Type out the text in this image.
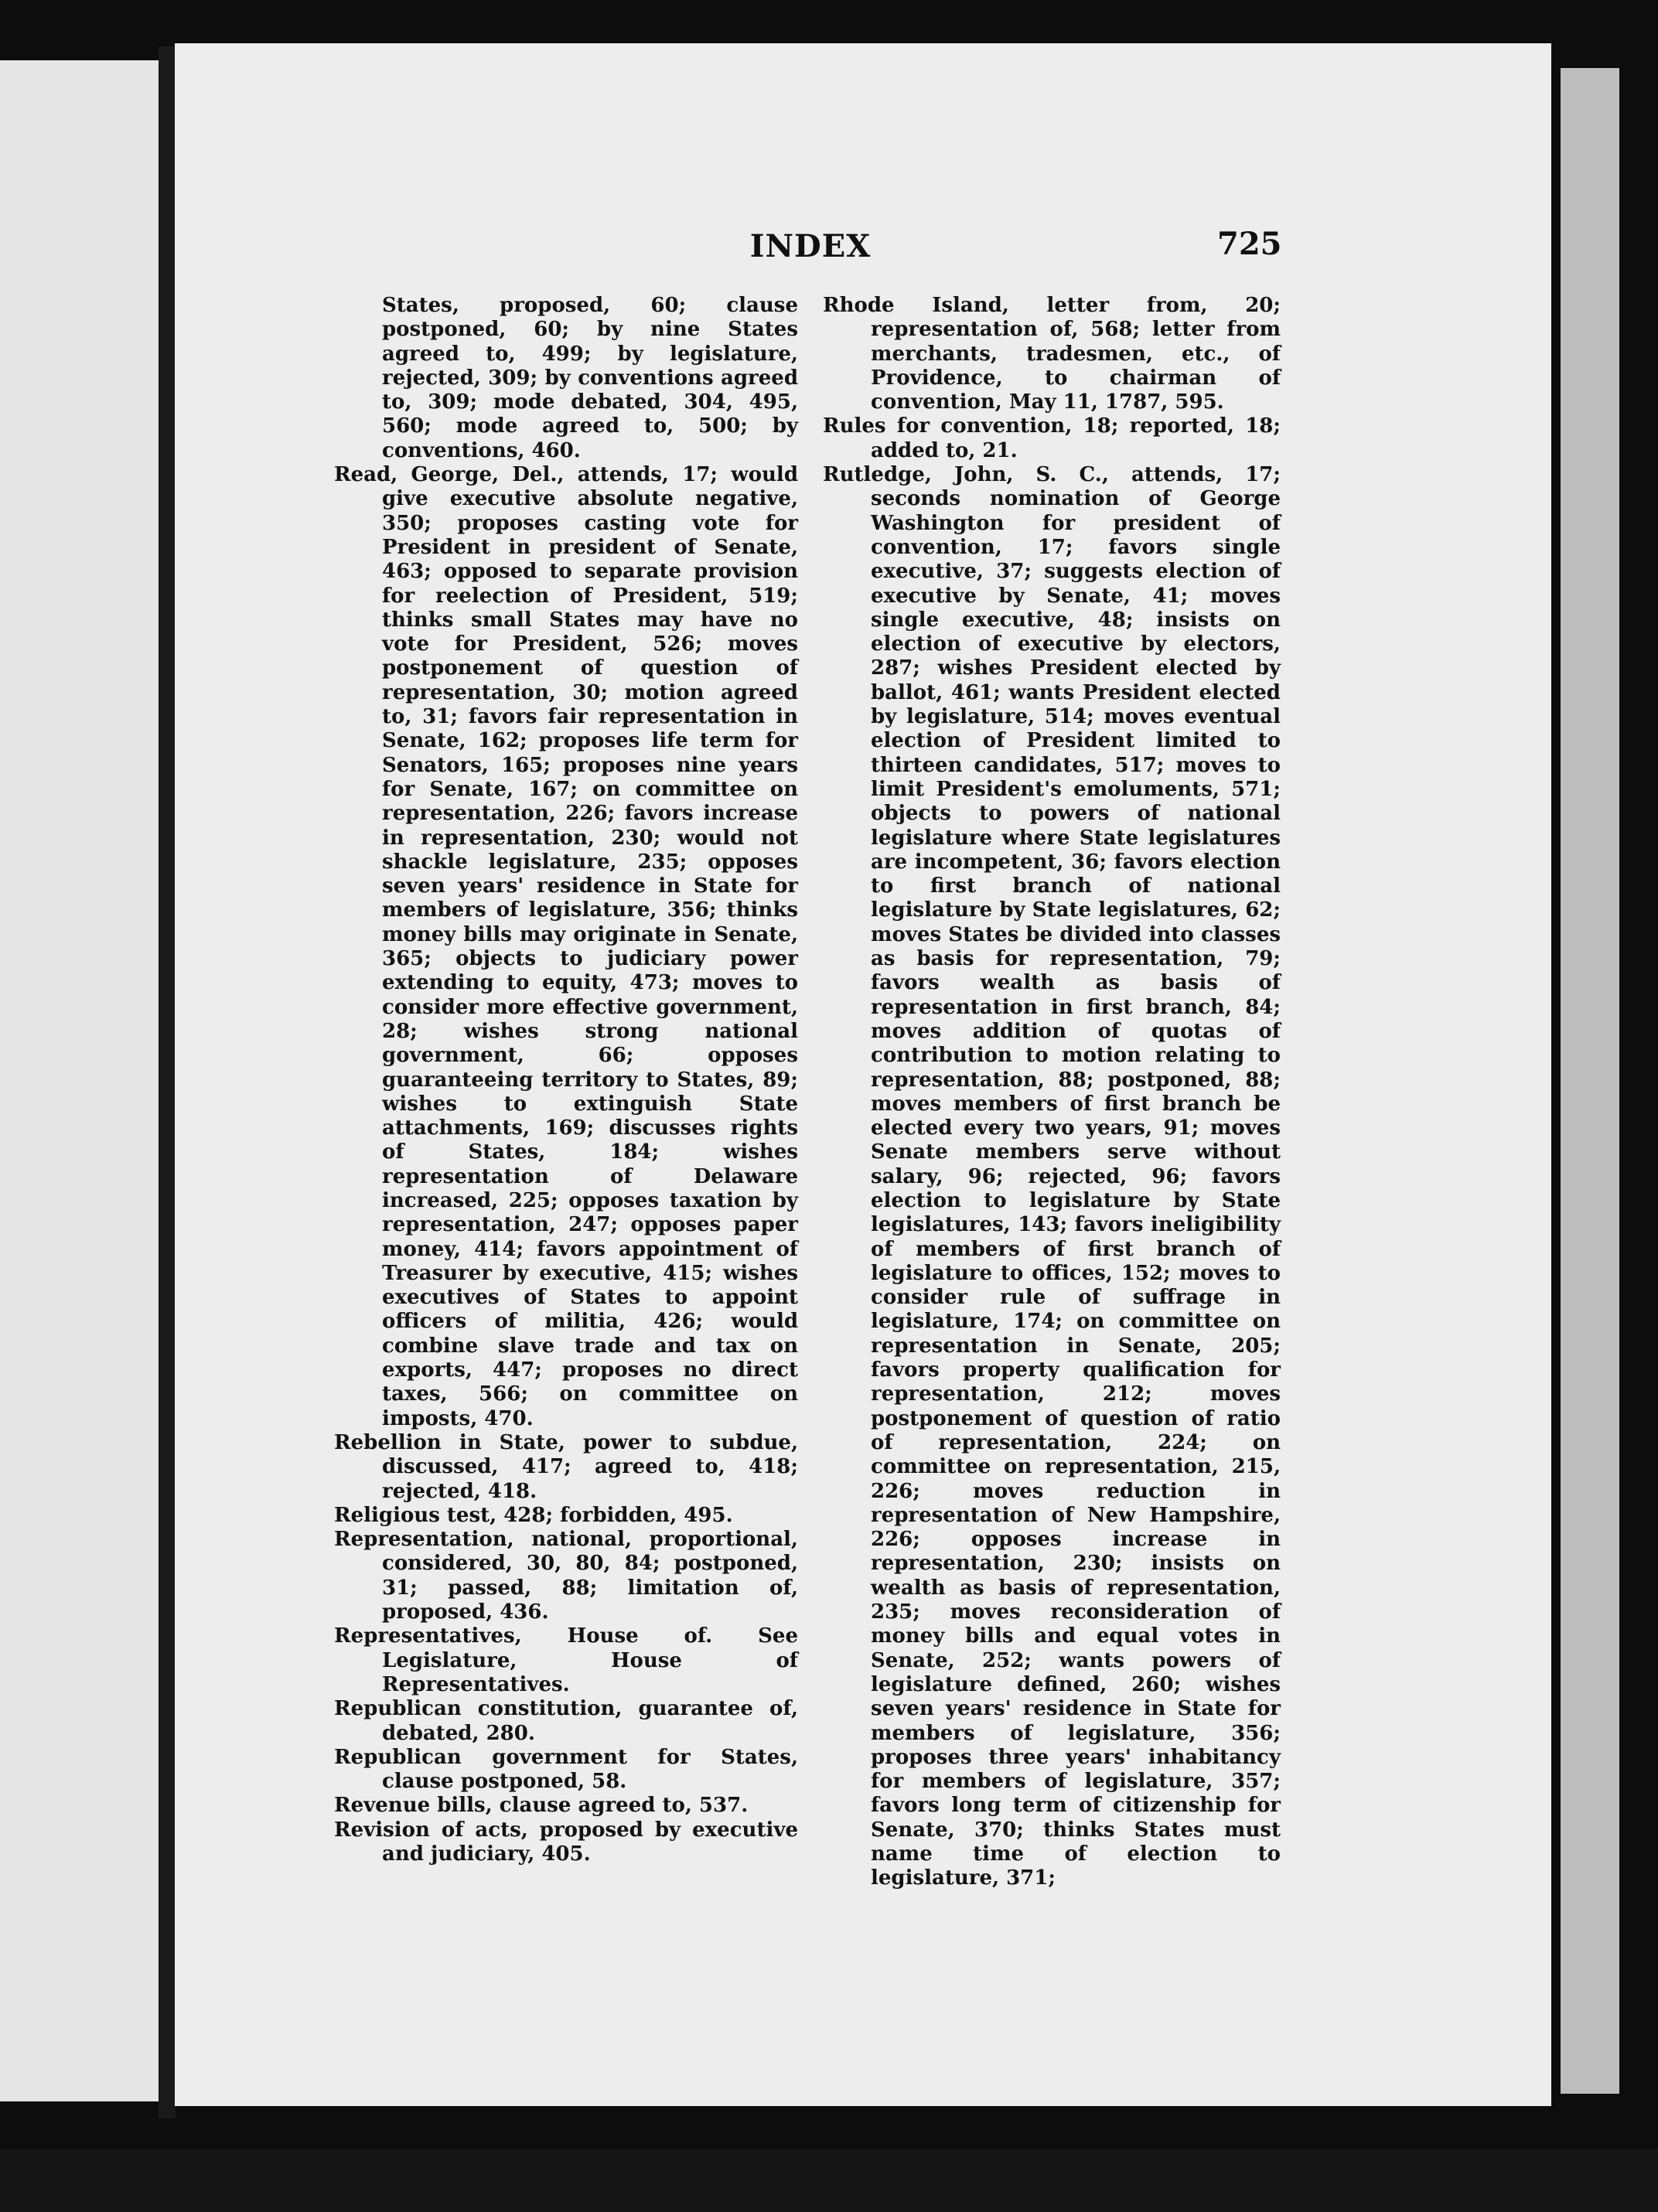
INDEX	725

States, proposed, 60; clause postponed, 60; by nine States agreed to, 499; by legislature, rejected, 309; by conventions agreed to, 309; mode debated, 304, 495, 560; mode agreed to, 500; by conventions, 460.

Read, George, Del., attends, 17; would give executive absolute negative, 350; proposes casting vote for President in president of Senate, 463; opposed to separate provision for reelection of President, 519; thinks small States may have no vote for President, 526; moves postponement of question of representation, 30; motion agreed to, 31; favors fair representation in Senate, 162; proposes life term for Senators, 165; proposes nine years for Senate, 167; on committee on representation, 226; favors increase in representation, 230; would not shackle legislature, 235; opposes seven years' residence in State for members of legislature, 356; thinks money bills may originate in Senate, 365; objects to judiciary power extending to equity, 473; moves to consider more effective government, 28; wishes strong national government, 66; opposes guaranteeing territory to States, 89; wishes to extinguish State attachments, 169; discusses rights of States, 184; wishes representation of Delaware increased, 225; opposes taxation by representation, 247; opposes paper money, 414; favors appointment of Treasurer by executive, 415; wishes executives of States to appoint officers of militia, 426; would combine slave trade and tax on exports, 447; proposes no direct taxes, 566; on committee on imposts, 470.

Rebellion in State, power to subdue, discussed, 417; agreed to, 418; rejected, 418.

Religious test, 428; forbidden, 495.

Representation, national, proportional, considered, 30, 80, 84; postponed, 31; passed, 88; limitation of, proposed, 436.

Representatives, House of. See Legislature, House of Representatives.

Republican constitution, guarantee of, debated, 280.

Republican government for States, clause postponed, 58.

Revenue bills, clause agreed to, 537.

Revision of acts, proposed by executive and judiciary, 405.

Rhode Island, letter from, 20; representation of, 568; letter from merchants, tradesmen, etc., of Providence, to chairman of convention, May 11, 1787, 595.

Rules for convention, 18; reported, 18; added to, 21.

Rutledge, John, S. C., attends, 17; seconds nomination of George Washington for president of convention, 17; favors single executive, 37; suggests election of executive by Senate, 41; moves single executive, 48; insists on election of executive by electors, 287; wishes President elected by ballot, 461; wants President elected by legislature, 514; moves eventual election of President limited to thirteen candidates, 517; moves to limit President's emoluments, 571; objects to powers of national legislature where State legislatures are incompetent, 36; favors election to first branch of national legislature by State legislatures, 62; moves States be divided into classes as basis for representation, 79; favors wealth as basis of representation in first branch, 84; moves addition of quotas of contribution to motion relating to representation, 88; postponed, 88; moves members of first branch be elected every two years, 91; moves Senate members serve without salary, 96; rejected, 96; favors election to legislature by State legislatures, 143; favors ineligibility of members of first branch of legislature to offices, 152; moves to consider rule of suffrage in legislature, 174; on committee on representation in Senate, 205; favors property qualification for representation, 212; moves postponement of question of ratio of representation, 224; on committee on representation, 215, 226; moves reduction in representation of New Hampshire, 226; opposes increase in representation, 230; insists on wealth as basis of representation, 235; moves reconsideration of money bills and equal votes in Senate, 252; wants powers of legislature defined, 260; wishes seven years' residence in State for members of legislature, 356; proposes three years' inhabitancy for members of legislature, 357; favors long term of citizenship for Senate, 370; thinks States must name time of election to legislature, 371;
